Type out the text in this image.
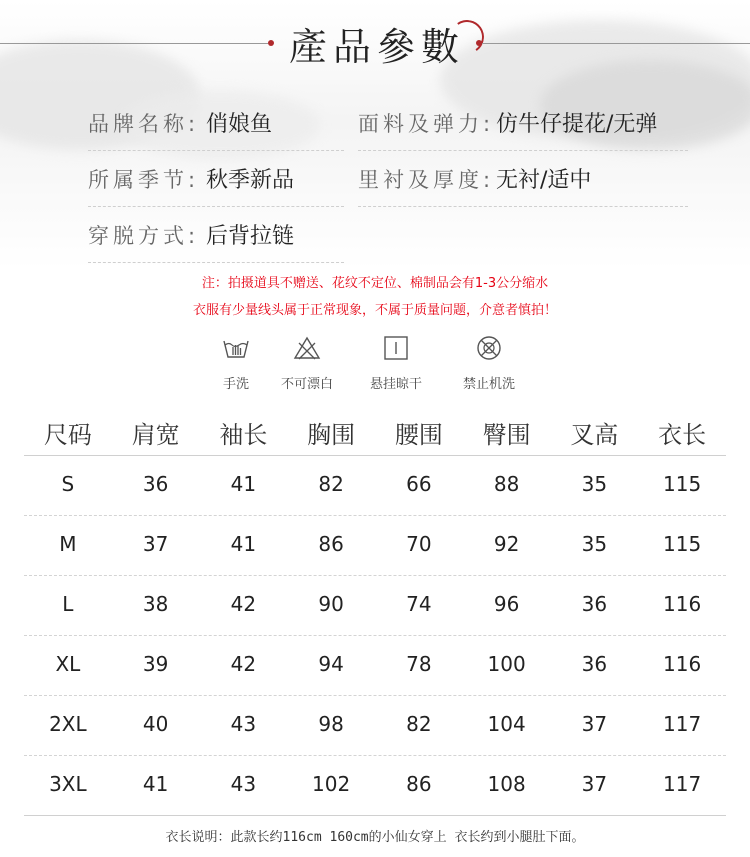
產品參數
品牌名称: 俏娘鱼	面料及弹力: 仿牛仔提花/无弹
所属季节: 秋季新品	里衬及厚度: 无衬/适中
穿脱方式: 后背拉链
注：拍摄道具不赠送、花纹不定位、棉制品会有1-3公分缩水
衣服有少量线头属于正常现象，不属于质量问题，介意者慎拍！
手洗	不可漂白	悬挂晾干	禁止机洗
尺码	肩宽	袖长	胸围	腰围	臀围	叉高	衣长
S	36	41	82	66	88	35	115
M	37	41	86	70	92	35	115
L	38	42	90	74	96	36	116
XL	39	42	94	78	100	36	116
2XL	40	43	98	82	104	37	117
3XL	41	43	102	86	108	37	117
衣长说明：此款长约116cm 160cm的小仙女穿上 衣长约到小腿肚下面。
